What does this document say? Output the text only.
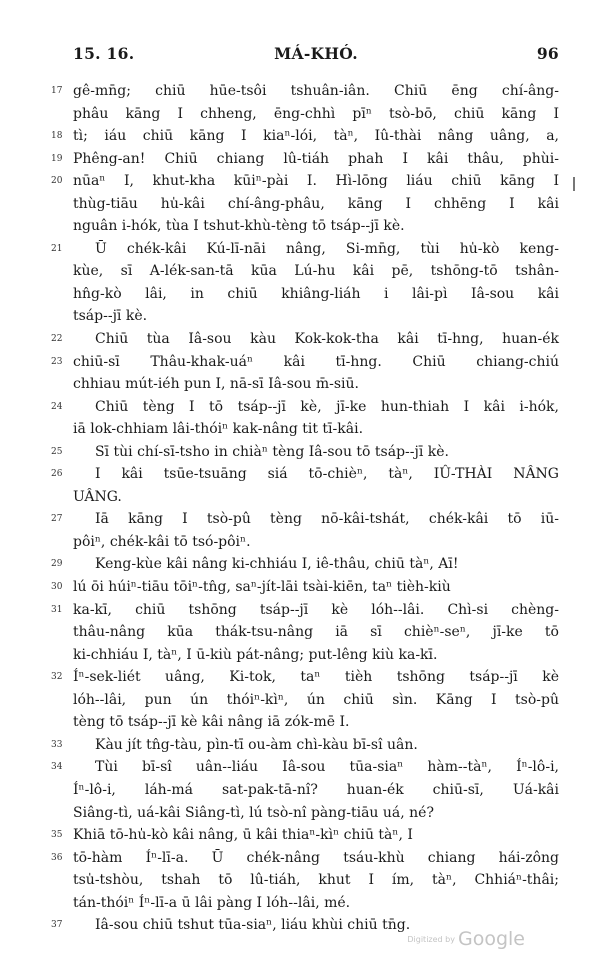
15. 16.	MÁ-KHÓ.	96
17 gê-mn̄g; chiū hūe-tsôi tshuân-iân. Chiū ēng chí-âng-
phâu kāng I chheng, ēng-chhì pīⁿ tsò-bō, chiū kāng I
18 tì; iáu chiū kāng I kiaⁿ-lói, tàⁿ, Iû-thài nâng uâng, a,
19 Phêng-an! Chiū chiang lû-tiáh phah I kâi thâu, phùi-
20 nūaⁿ I, khut-kha kūiⁿ-pài I. Hì-lōng liáu chiū kāng I
thùg-tiāu hu̍-kâi chí-âng-phâu, kāng I chhēng I kâi
nguân i-hók, tùa I tshut-khù-tèng tō tsáp--jī kè.
21	Ū chék-kâi Kú-lī-nāi nâng, Si-mn̄g, tùi hu̍-kò keng-
kùe, sī A-lék-san-tā kūa Lú-hu kâi pē, tshōng-tō tshân-
hn̂g-kò lâi, in chiū khiâng-liáh i lâi-pì Iâ-sou kâi
tsáp--jī kè.
22	Chiū tùa Iâ-sou kàu Kok-kok-tha kâi tī-hng, huan-ék
23 chiū-sī Thâu-khak-uáⁿ kâi tī-hng. Chiū chiang-chiú
chhiau mút-iéh pun I, nā-sī Iâ-sou m̄-siū.
24	Chiū tèng I tō tsáp--jī kè, jī-ke hun-thiah I kâi i-hók,
iā lok-chhiam lâi-thóiⁿ kak-nâng tit tī-kâi.
25	Sī tùi chí-sī-tsho in chiàⁿ tèng Iâ-sou tō tsáp--jī kè.
26	I kâi tsūe-tsuāng siá tō-chièⁿ, tàⁿ, IÛ-THÀI NÂNG
UÂNG.
27	Iā kāng I tsò-pû tèng nō-kâi-tshát, chék-kâi tō iū-
pôiⁿ, chék-kâi tō tsó-pôiⁿ.
29	Keng-kùe kâi nâng ki-chhiáu I, iê-thâu, chiū tàⁿ, Aī!
30 lú ōi húiⁿ-tiāu tōiⁿ-tn̂g, saⁿ-jít-lāi tsài-kiēn, taⁿ tièh-kiù
31 ka-kī, chiū tshōng tsáp--jī kè lóh--lâi. Chì-si chèng-
thâu-nâng kūa thák-tsu-nâng iā sī chièⁿ-seⁿ, jī-ke tō
ki-chhiáu I, tàⁿ, I ū-kiù pát-nâng; put-lêng kiù ka-kī.
32 Íⁿ-sek-liét uâng, Ki-tok, taⁿ tièh tshōng tsáp--jī kè
lóh--lâi, pun ún thóiⁿ-kìⁿ, ún chiū sìn. Kāng I tsò-pû
tèng tō tsáp--jī kè kâi nâng iā zók-mē I.
33	Kàu jít tn̂g-tàu, pìn-tī ou-àm chì-kàu bī-sî uân.
34	Tùi bī-sî uân--liáu Iâ-sou tūa-siaⁿ hàm--tàⁿ, Íⁿ-lô-i,
Íⁿ-lô-i, láh-má sat-pak-tā-nî? huan-ék chiū-sī, Uá-kâi
Siâng-tì, uá-kâi Siâng-tì, lú tsò-nî pàng-tiāu uá, né?
35 Khiā tō-hu̍-kò kâi nâng, ū kâi thiaⁿ-kìⁿ chiū tàⁿ, I
36 tō-hàm Íⁿ-lī-a. Ū chék-nâng tsáu-khù chiang hái-zông
tsu̍-tshòu, tshah tō lû-tiáh, khut I ím, tàⁿ, Chhiáⁿ-thâi;
tán-thóiⁿ Íⁿ-lī-a ū lâi pàng I lóh--lâi, mé.
37	Iâ-sou chiū tshut tūa-siaⁿ, liáu khùi chiū tn̄g.
Digitized by Google
